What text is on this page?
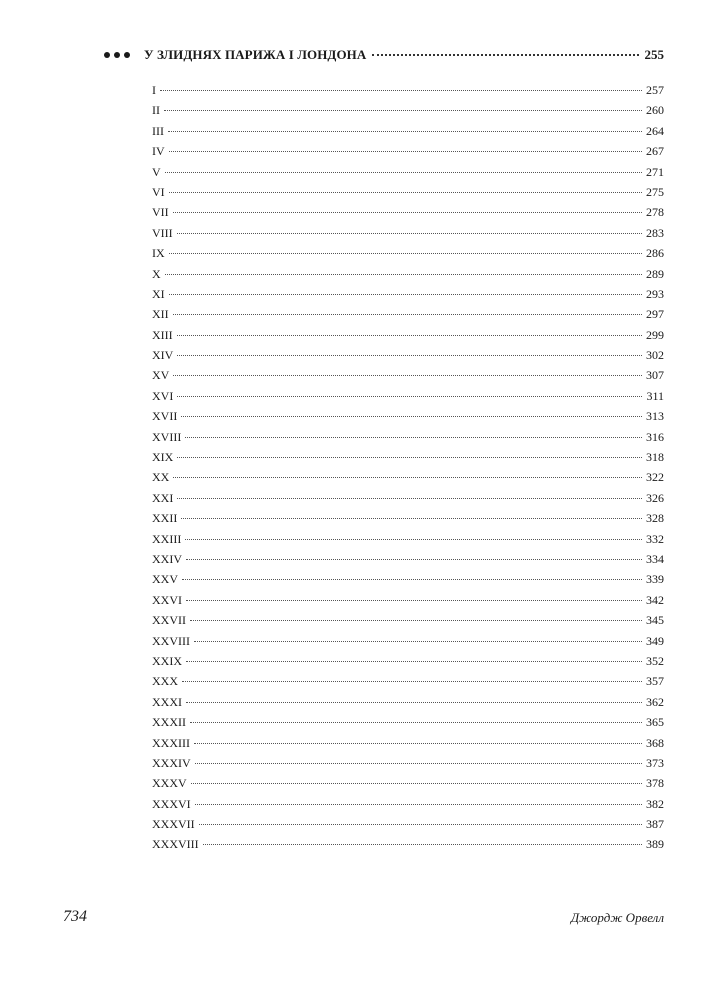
У ЗЛИДНЯХ ПАРИЖА І ЛОНДОНА	255
I	257
II	260
III	264
IV	267
V	271
VI	275
VII	278
VIII	283
IX	286
X	289
XI	293
XII	297
XIII	299
XIV	302
XV	307
XVI	311
XVII	313
XVIII	316
XIX	318
XX	322
XXI	326
XXII	328
XXIII	332
XXIV	334
XXV	339
XXVI	342
XXVII	345
XXVIII	349
XXIX	352
XXX	357
XXXI	362
XXXII	365
XXXIII	368
XXXIV	373
XXXV	378
XXXVI	382
XXXVII	387
XXXVIII	389
734	Джордж Орвелл
